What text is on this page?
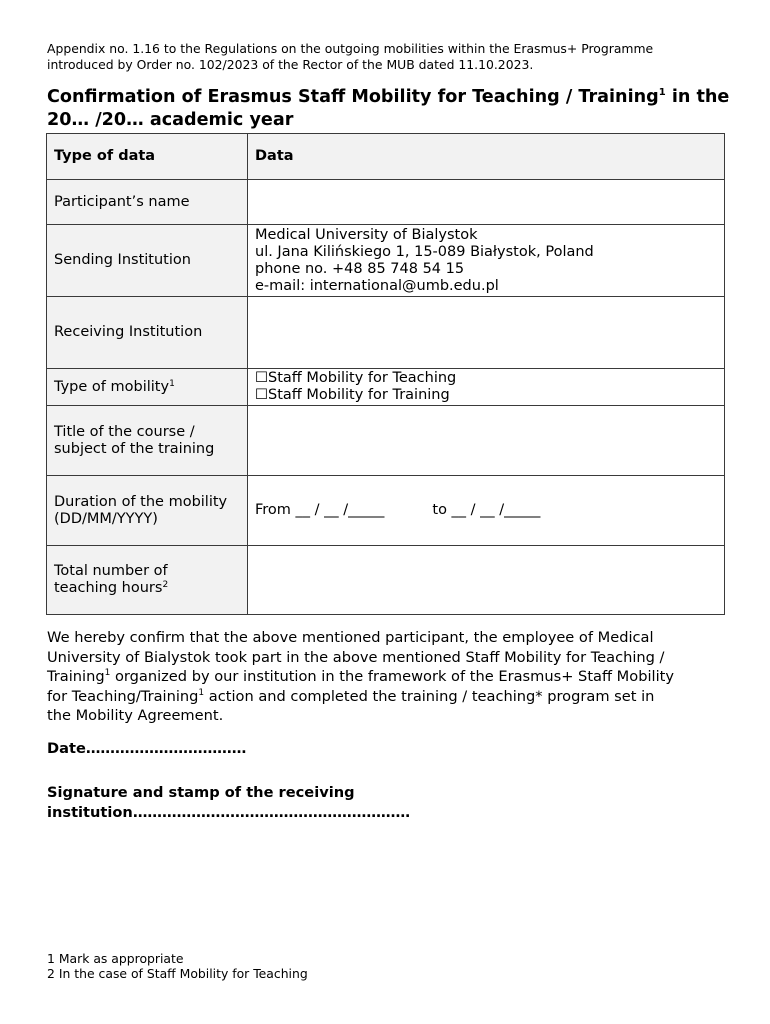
Appendix no. 1.16 to the Regulations on the outgoing mobilities within the Erasmus+ Programme
introduced by Order no. 102/2023 of the Rector of the MUB dated 11.10.2023.
Confirmation of Erasmus Staff Mobility for Teaching / Training$^1$ in the 20… /20… academic year
Type of data	Data
Participant’s name	
Sending Institution	Medical University of Bialystok
ul. Jana Kilińskiego 1, 15-089 Białystok, Poland
phone no. +48 85 748 54 15
e-mail: international@umb.edu.pl

Receiving Institution	
Type of mobility$^1$	☐Staff Mobility for Teaching
☐Staff Mobility for Training

Title of the course /
subject of the training	

Duration of the mobility
(DD/MM/YYYY)	From __ / __ /_____ to __ / __ /_____

Total number of
teaching hours$^2$

We hereby confirm that the above mentioned participant, the employee of Medical
University of Bialystok took part in the above mentioned Staff Mobility for Teaching /
Training$^1$ organized by our institution in the framework of the Erasmus+ Staff Mobility
for Teaching/Training$^1$ action and completed the training / teaching* program set in
the Mobility Agreement.
Date……………………………
Signature and stamp of the receiving
institution…………………………………………………
1 Mark as appropriate
2 In the case of Staff Mobility for Teaching
